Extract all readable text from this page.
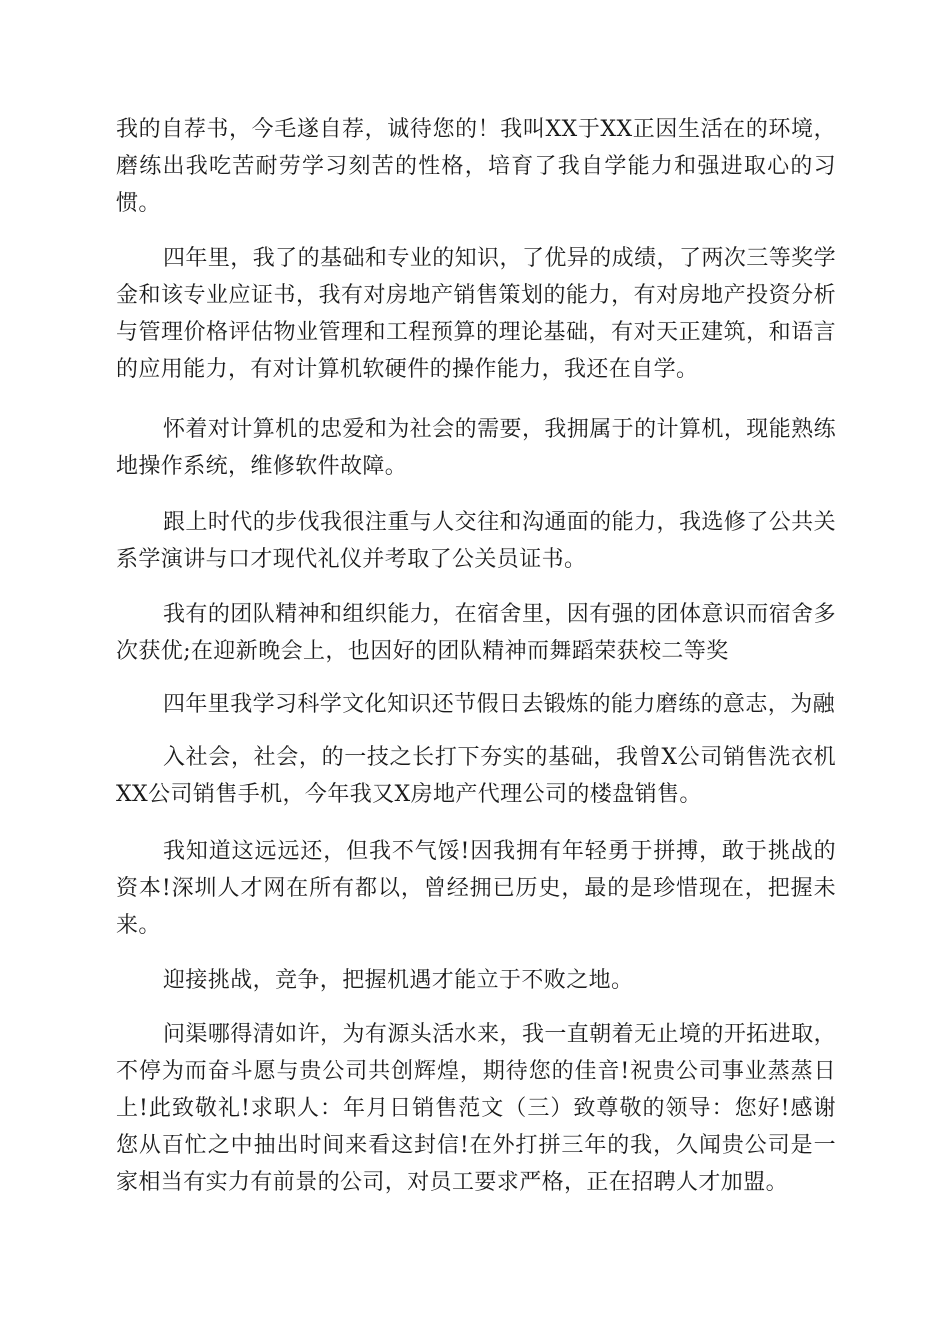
我的自荐书，今毛遂自荐，诚待您的！我叫XX于XX正因生活在的环境，磨练出我吃苦耐劳学习刻苦的性格，培育了我自学能力和强进取心的习惯。

四年里，我了的基础和专业的知识，了优异的成绩，了两次三等奖学金和该专业应证书，我有对房地产销售策划的能力，有对房地产投资分析与管理价格评估物业管理和工程预算的理论基础，有对天正建筑，和语言的应用能力，有对计算机软硬件的操作能力，我还在自学。

怀着对计算机的忠爱和为社会的需要，我拥属于的计算机，现能熟练地操作系统，维修软件故障。

跟上时代的步伐我很注重与人交往和沟通面的能力，我选修了公共关系学演讲与口才现代礼仪并考取了公关员证书。

我有的团队精神和组织能力，在宿舍里，因有强的团体意识而宿舍多次获优;在迎新晚会上，也因好的团队精神而舞蹈荣获校二等奖

四年里我学习科学文化知识还节假日去锻炼的能力磨练的意志，为融

入社会，社会，的一技之长打下夯实的基础，我曾X公司销售洗衣机XX公司销售手机，今年我又X房地产代理公司的楼盘销售。

我知道这远远还，但我不气馁!因我拥有年轻勇于拼搏，敢于挑战的资本!深圳人才网在所有都以，曾经拥已历史，最的是珍惜现在，把握未来。

迎接挑战，竞争，把握机遇才能立于不败之地。

问渠哪得清如许，为有源头活水来，我一直朝着无止境的开拓进取，不停为而奋斗愿与贵公司共创辉煌，期待您的佳音!祝贵公司事业蒸蒸日上!此致敬礼!求职人：年月日销售范文（三）致尊敬的领导：您好!感谢您从百忙之中抽出时间来看这封信!在外打拼三年的我，久闻贵公司是一家相当有实力有前景的公司，对员工要求严格，正在招聘人才加盟。
